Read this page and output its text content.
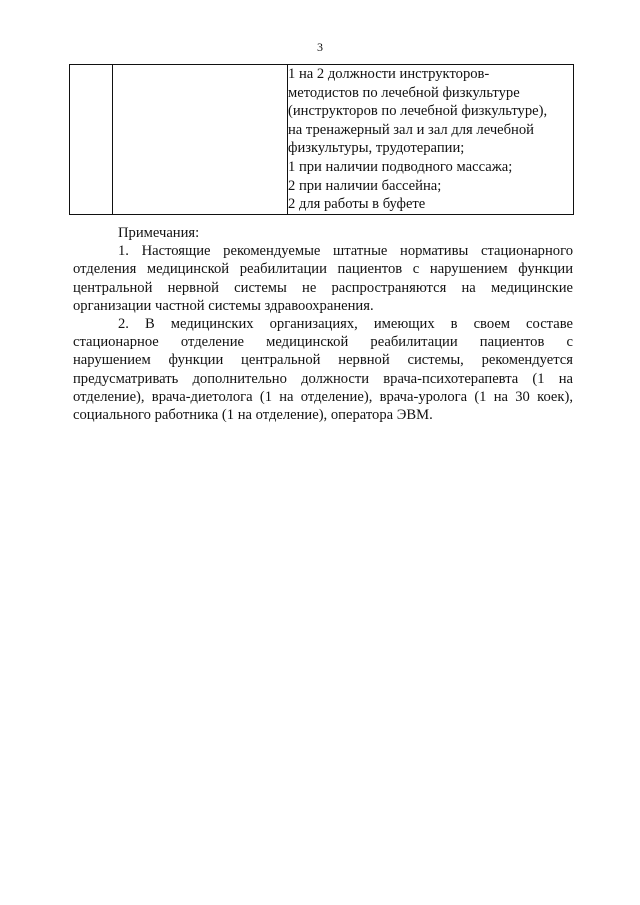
3

1 на 2 должности инструкторов-
методистов по лечебной физкультуре
(инструкторов по лечебной физкультуре),
на тренажерный зал и зал для лечебной
физкультуры, трудотерапии;
1 при наличии подводного массажа;
2 при наличии бассейна;
2 для работы в буфете

Примечания:

1. Настоящие рекомендуемые штатные нормативы стационарного
отделения медицинской реабилитации пациентов с нарушением функции
центральной нервной системы не распространяются на медицинские
организации частной системы здравоохранения.

2. В медицинских организациях, имеющих в своем составе
стационарное отделение медицинской реабилитации пациентов с
нарушением функции центральной нервной системы, рекомендуется
предусматривать дополнительно должности врача-психотерапевта (1 на
отделение), врача-диетолога (1 на отделение), врача-уролога (1 на 30 коек),
социального работника (1 на отделение), оператора ЭВМ.
